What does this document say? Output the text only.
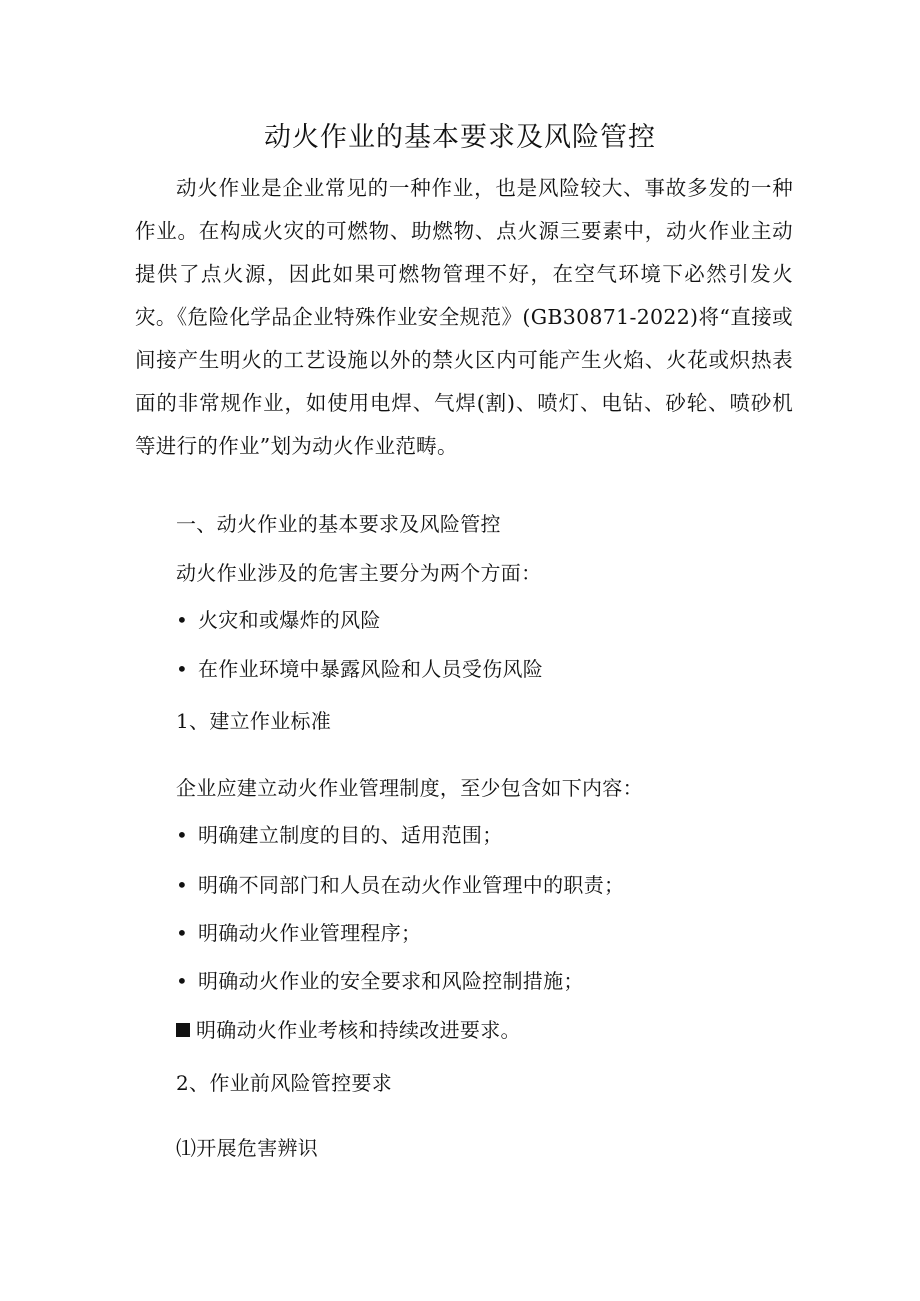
动火作业的基本要求及风险管控

动火作业是企业常见的一种作业，也是风险较大、事故多发的一种作业。在构成火灾的可燃物、助燃物、点火源三要素中，动火作业主动提供了点火源，因此如果可燃物管理不好，在空气环境下必然引发火灾。《危险化学品企业特殊作业安全规范》(GB30871-2022)将“直接或间接产生明火的工艺设施以外的禁火区内可能产生火焰、火花或炽热表面的非常规作业，如使用电焊、气焊(割)、喷灯、电钻、砂轮、喷砂机等进行的作业”划为动火作业范畴。

一、动火作业的基本要求及风险管控

动火作业涉及的危害主要分为两个方面：

• 火灾和或爆炸的风险

• 在作业环境中暴露风险和人员受伤风险

1、建立作业标准

企业应建立动火作业管理制度，至少包含如下内容：

• 明确建立制度的目的、适用范围；

• 明确不同部门和人员在动火作业管理中的职责；

• 明确动火作业管理程序；

• 明确动火作业的安全要求和风险控制措施；

明确动火作业考核和持续改进要求。

2、作业前风险管控要求

⑴开展危害辨识
